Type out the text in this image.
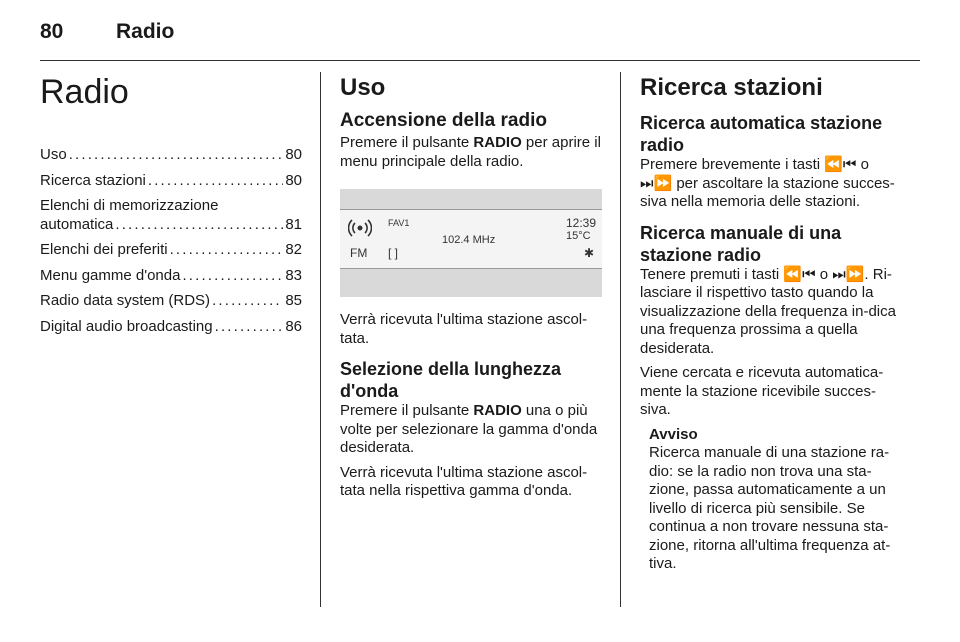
80	Radio
Radio
Uso . . .	80
Ricerca stazioni . . .	80
Elenchi di memorizzazione
automatica . . .	81
Elenchi dei preferiti . . .	82
Menu gamme d'onda . . .	83
Radio data system (RDS) . . .	85
Digital audio broadcasting . . .	86
Uso
Accensione della radio

Premere il pulsante RADIO per aprire il menu principale della radio.

FAV1
102.4 MHz
12:39
15°C
FM [ ]	✱

Verrà ricevuta l'ultima stazione ascol-tata.

Selezione della lunghezza d'onda

Premere il pulsante RADIO una o più volte per selezionare la gamma d'onda desiderata.

Verrà ricevuta l'ultima stazione ascol-tata nella rispettiva gamma d'onda.

Ricerca stazioni
Ricerca automatica stazione radio

Premere brevemente i tasti ⏪⏮ o ⏭⏩ per ascoltare la stazione succes-siva nella memoria delle stazioni.

Ricerca manuale di una stazione radio

Tenere premuti i tasti ⏪⏮ o ⏭⏩. Ri-lasciare il rispettivo tasto quando la visualizzazione della frequenza in-dica una frequenza prossima a quella desiderata.

Viene cercata e ricevuta automatica-mente la stazione ricevibile succes-siva.

Avviso

Ricerca manuale di una stazione ra-dio: se la radio non trova una sta-zione, passa automaticamente a un livello di ricerca più sensibile. Se continua a non trovare nessuna sta-zione, ritorna all'ultima frequenza at-tiva.
